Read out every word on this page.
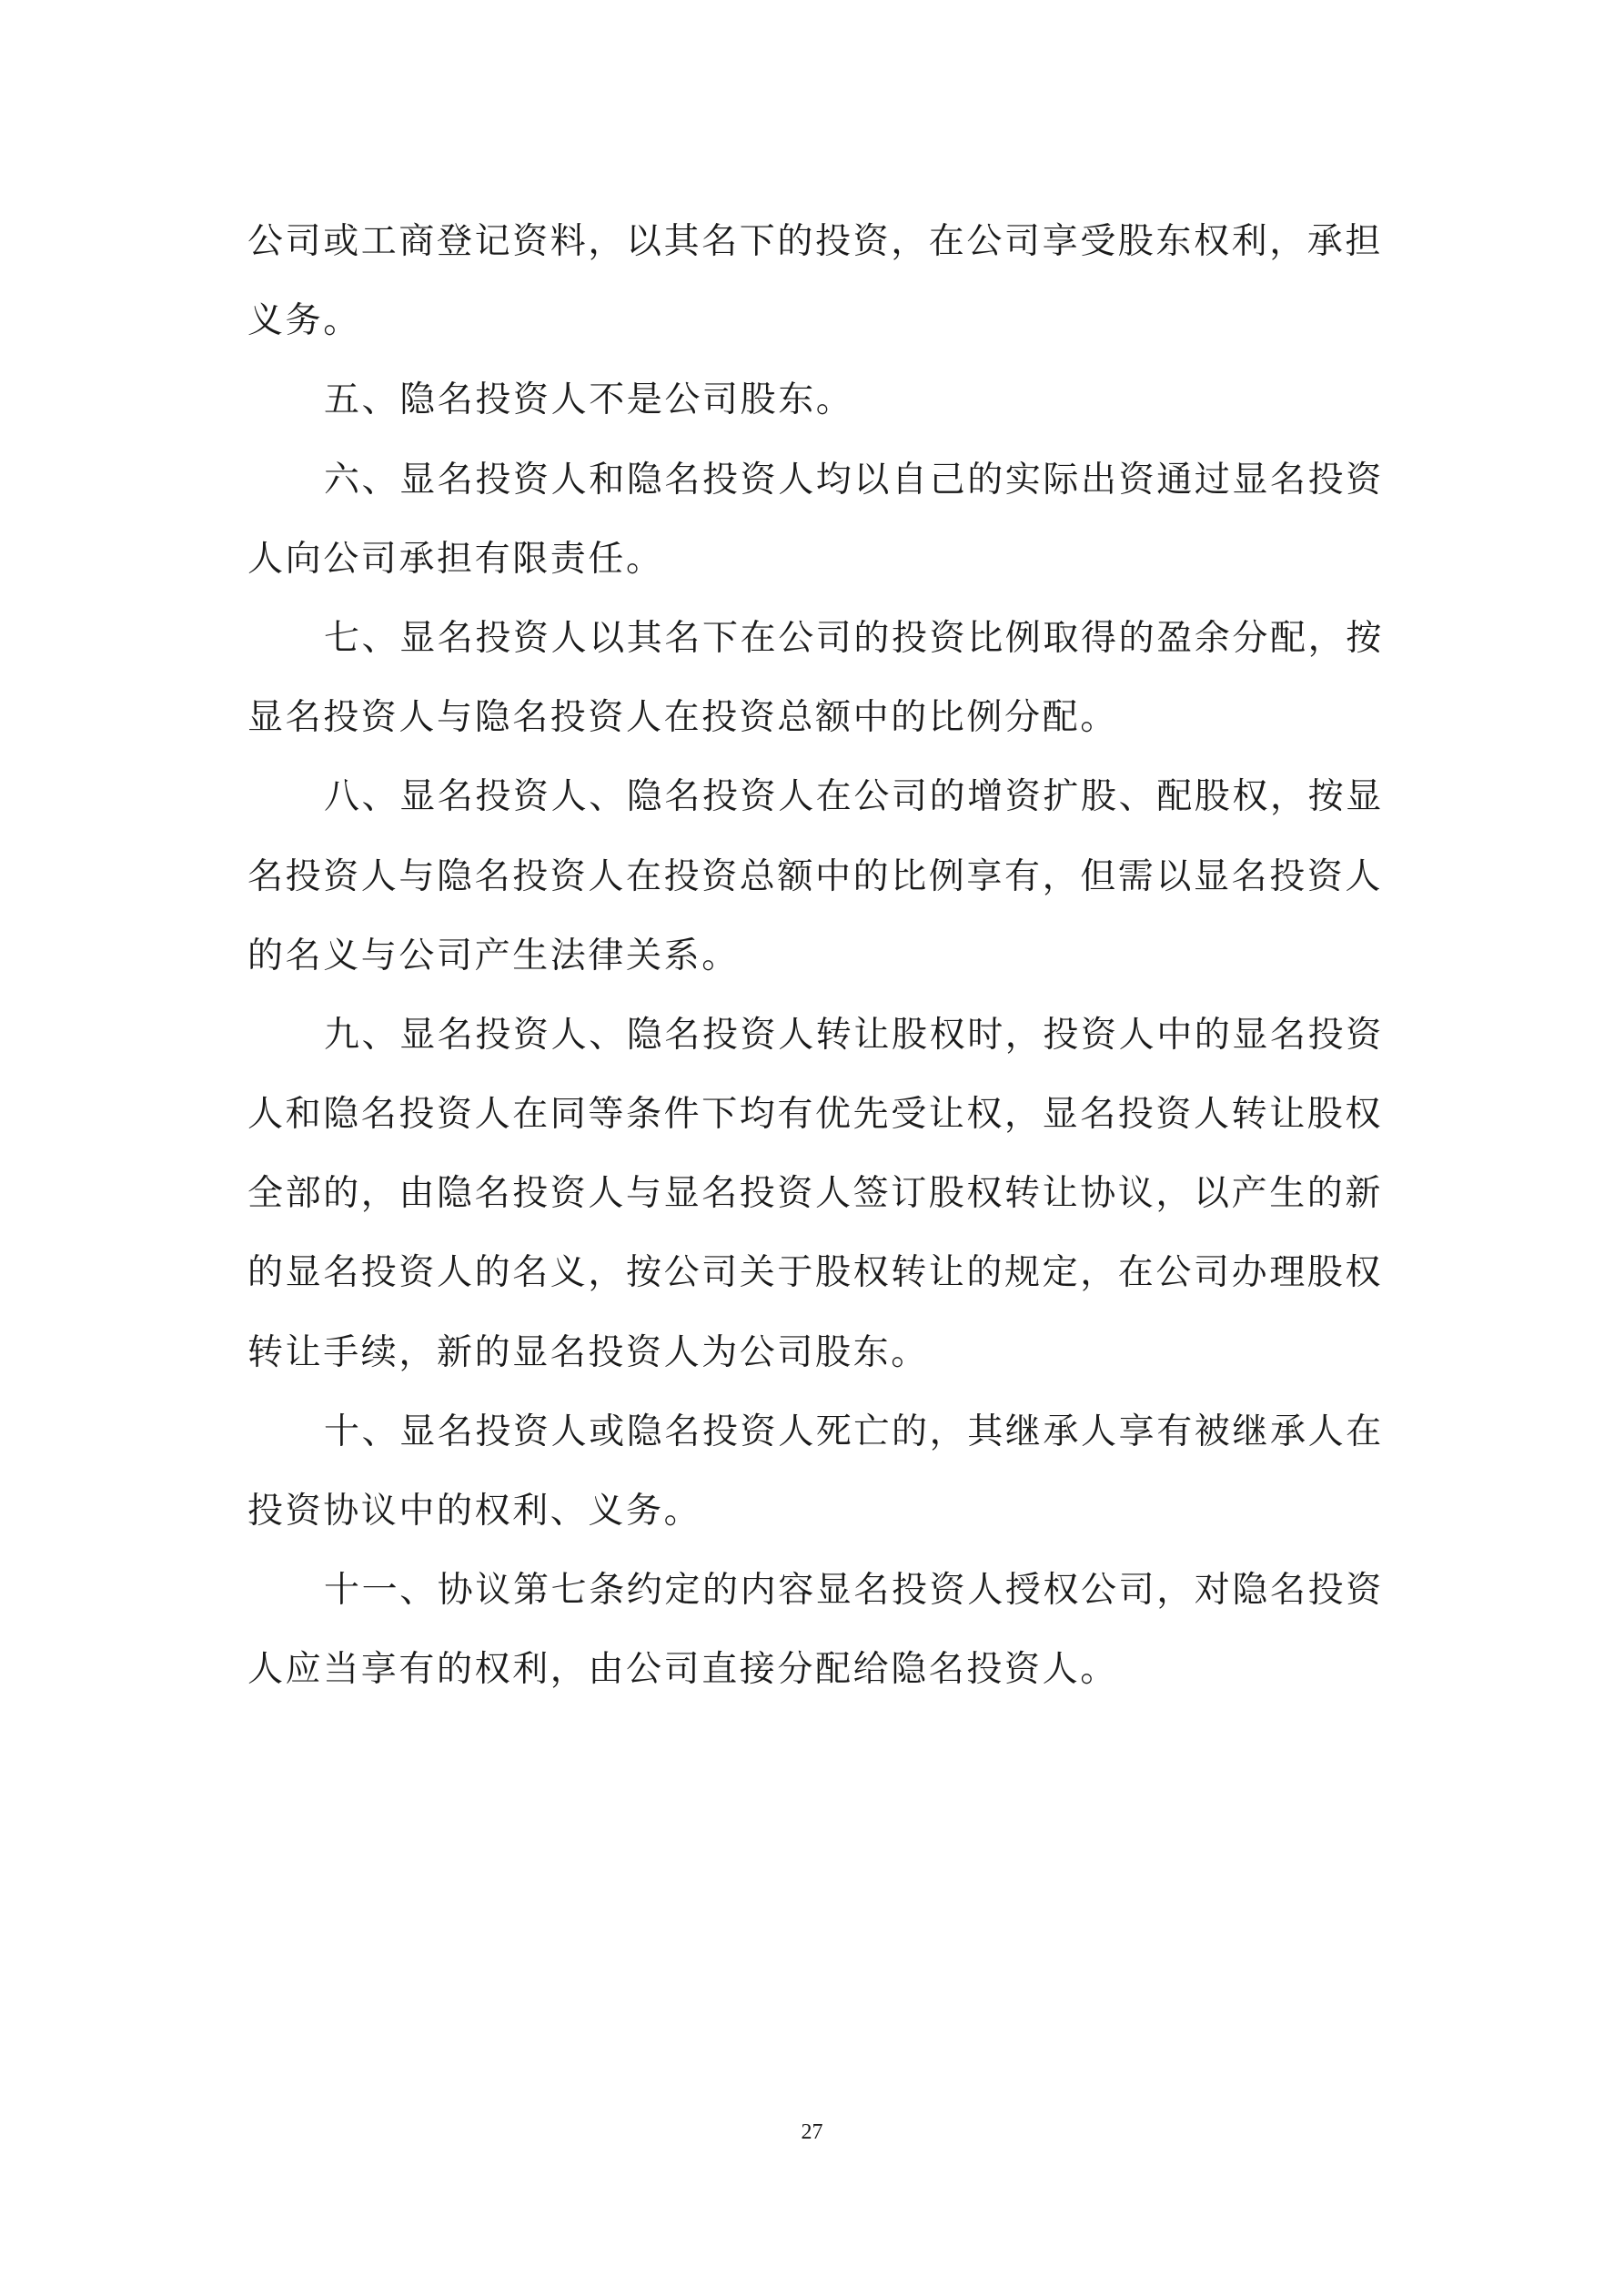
公司或工商登记资料，以其名下的投资，在公司享受股东权利，承担
义务。
五、隐名投资人不是公司股东。
六、显名投资人和隐名投资人均以自己的实际出资通过显名投资
人向公司承担有限责任。
七、显名投资人以其名下在公司的投资比例取得的盈余分配，按
显名投资人与隐名投资人在投资总额中的比例分配。
八、显名投资人、隐名投资人在公司的增资扩股、配股权，按显
名投资人与隐名投资人在投资总额中的比例享有，但需以显名投资人
的名义与公司产生法律关系。
九、显名投资人、隐名投资人转让股权时，投资人中的显名投资
人和隐名投资人在同等条件下均有优先受让权，显名投资人转让股权
全部的，由隐名投资人与显名投资人签订股权转让协议，以产生的新
的显名投资人的名义，按公司关于股权转让的规定，在公司办理股权
转让手续，新的显名投资人为公司股东。
十、显名投资人或隐名投资人死亡的，其继承人享有被继承人在
投资协议中的权利、义务。
十一、协议第七条约定的内容显名投资人授权公司，对隐名投资
人应当享有的权利，由公司直接分配给隐名投资人。
27
